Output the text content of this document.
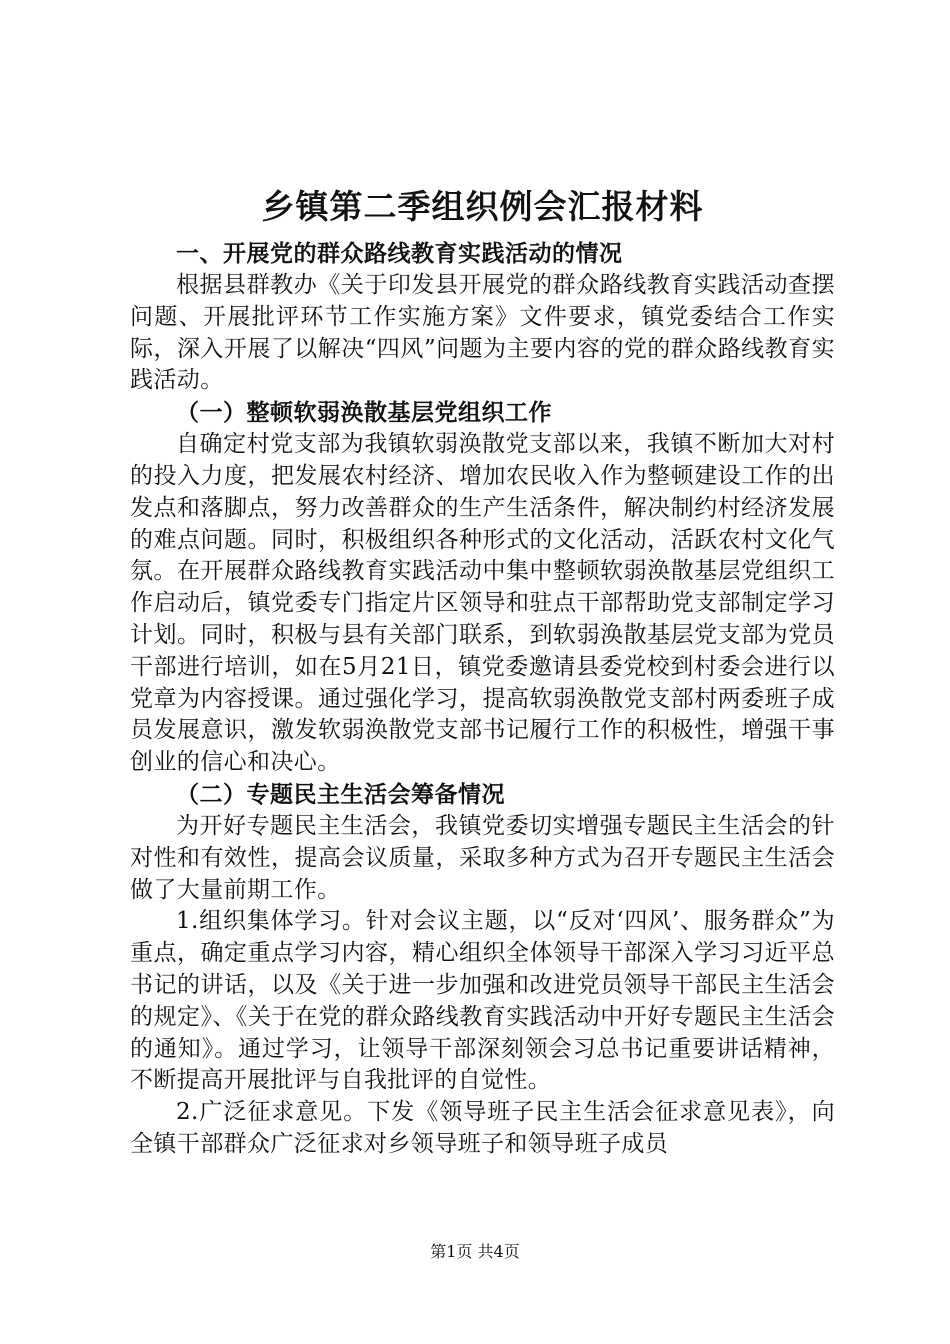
乡镇第二季组织例会汇报材料

一、开展党的群众路线教育实践活动的情况

根据县群教办《关于印发县开展党的群众路线教育实践活动查摆问题、开展批评环节工作实施方案》文件要求，镇党委结合工作实际，深入开展了以解决“四风”问题为主要内容的党的群众路线教育实践活动。

（一）整顿软弱涣散基层党组织工作

自确定村党支部为我镇软弱涣散党支部以来，我镇不断加大对村的投入力度，把发展农村经济、增加农民收入作为整顿建设工作的出发点和落脚点，努力改善群众的生产生活条件，解决制约村经济发展的难点问题。同时，积极组织各种形式的文化活动，活跃农村文化气氛。在开展群众路线教育实践活动中集中整顿软弱涣散基层党组织工作启动后，镇党委专门指定片区领导和驻点干部帮助党支部制定学习计划。同时，积极与县有关部门联系，到软弱涣散基层党支部为党员干部进行培训，如在5月21日，镇党委邀请县委党校到村委会进行以党章为内容授课。通过强化学习，提高软弱涣散党支部村两委班子成员发展意识，激发软弱涣散党支部书记履行工作的积极性，增强干事创业的信心和决心。

（二）专题民主生活会筹备情况

为开好专题民主生活会，我镇党委切实增强专题民主生活会的针对性和有效性，提高会议质量，采取多种方式为召开专题民主生活会做了大量前期工作。

1.组织集体学习。针对会议主题，以“反对‘四风’、服务群众”为重点，确定重点学习内容，精心组织全体领导干部深入学习习近平总书记的讲话，以及《关于进一步加强和改进党员领导干部民主生活会的规定》、《关于在党的群众路线教育实践活动中开好专题民主生活会的通知》。通过学习，让领导干部深刻领会习总书记重要讲话精神，不断提高开展批评与自我批评的自觉性。

2.广泛征求意见。下发《领导班子民主生活会征求意见表》，向全镇干部群众广泛征求对乡领导班子和领导班子成员

第1页 共4页
